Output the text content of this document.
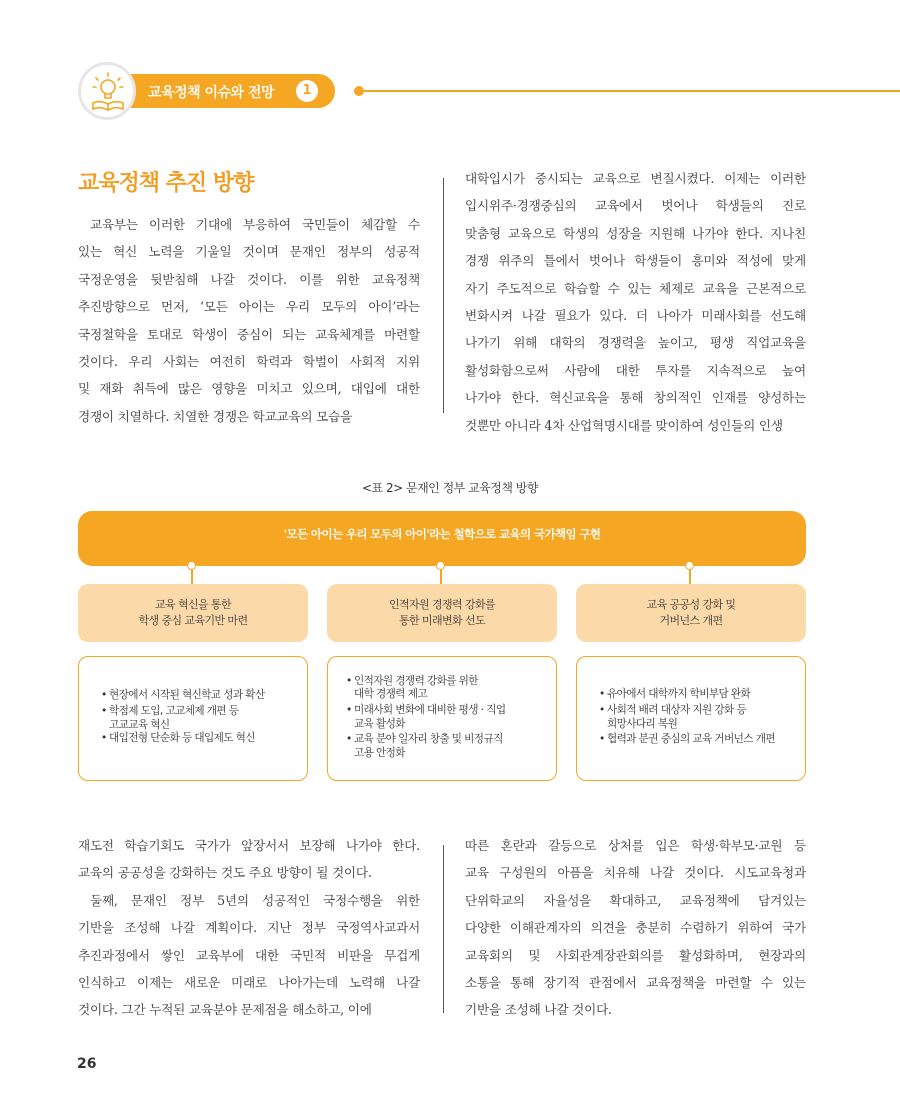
교육정책 이슈와 전망	1
교육정책 추진 방향
교육부는 이러한 기대에 부응하여 국민들이 체감할 수
있는 혁신 노력을 기울일 것이며 문재인 정부의 성공적
국정운영을 뒷받침해 나갈 것이다. 이를 위한 교육정책
추진방향으로 먼저, ‘모든 아이는 우리 모두의 아이’라는
국정철학을 토대로 학생이 중심이 되는 교육체계를 마련할
것이다. 우리 사회는 여전히 학력과 학벌이 사회적 지위
및 재화 취득에 많은 영향을 미치고 있으며, 대입에 대한
경쟁이 치열하다. 치열한 경쟁은 학교교육의 모습을
대학입시가 중시되는 교육으로 변질시켰다. 이제는 이러한
입시위주·경쟁중심의 교육에서 벗어나 학생들의 진로
맞춤형 교육으로 학생의 성장을 지원해 나가야 한다. 지나친
경쟁 위주의 틀에서 벗어나 학생들이 흥미와 적성에 맞게
자기 주도적으로 학습할 수 있는 체제로 교육을 근본적으로
변화시켜 나갈 필요가 있다. 더 나아가 미래사회를 선도해
나가기 위해 대학의 경쟁력을 높이고, 평생 직업교육을
활성화함으로써 사람에 대한 투자를 지속적으로 높여
나가야 한다. 혁신교육을 통해 창의적인 인재를 양성하는
것뿐만 아니라 4차 산업혁명시대를 맞이하여 성인들의 인생
<표 2> 문재인 정부 교육정책 방향
'모든 아이는 우리 모두의 아이'라는 철학으로 교육의 국가책임 구현
교육 혁신을 통한
학생 중심 교육기반 마련
인적자원 경쟁력 강화를
통한 미래변화 선도
교육 공공성 강화 및
거버넌스 개편
• 현장에서 시작된 혁신학교 성과 확산
• 학점제 도입, 고교체제 개편 등
고교교육 혁신
• 대입전형 단순화 등 대입제도 혁신
• 인적자원 경쟁력 강화를 위한
대학 경쟁력 제고
• 미래사회 변화에 대비한 평생 · 직업
교육 활성화
• 교육 분야 일자리 창출 및 비정규직
고용 안정화
• 유아에서 대학까지 학비부담 완화
• 사회적 배려 대상자 지원 강화 등
희망사다리 복원
• 협력과 분권 중심의 교육 거버넌스 개편
재도전 학습기회도 국가가 앞장서서 보장해 나가야 한다.
교육의 공공성을 강화하는 것도 주요 방향이 될 것이다.
둘째, 문재인 정부 5년의 성공적인 국정수행을 위한
기반을 조성해 나갈 계획이다. 지난 정부 국정역사교과서
추진과정에서 쌓인 교육부에 대한 국민적 비판을 무겁게
인식하고 이제는 새로운 미래로 나아가는데 노력해 나갈
것이다. 그간 누적된 교육분야 문제점을 해소하고, 이에
따른 혼란과 갈등으로 상처를 입은 학생·학부모·교원 등
교육 구성원의 아픔을 치유해 나갈 것이다. 시도교육청과
단위학교의 자율성을 확대하고, 교육정책에 담겨있는
다양한 이해관계자의 의견을 충분히 수렴하기 위하여 국가
교육회의 및 사회관계장관회의를 활성화하며, 현장과의
소통을 통해 장기적 관점에서 교육정책을 마련할 수 있는
기반을 조성해 나갈 것이다.
26
